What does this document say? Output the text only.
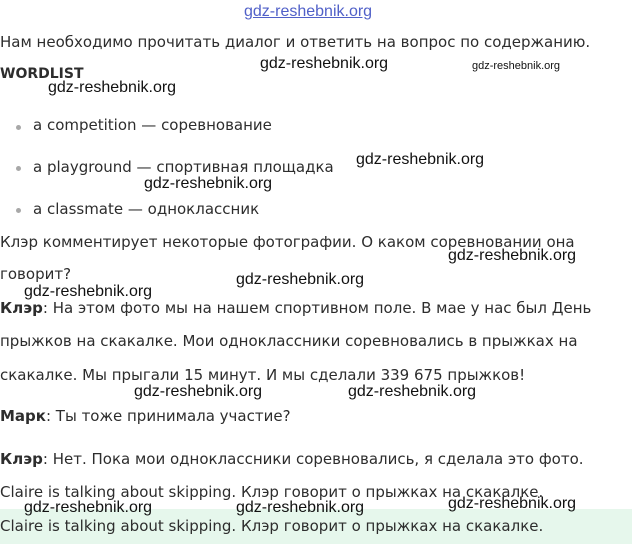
gdz-reshebnik.org
Нам необходимо прочитать диалог и ответить на вопрос по содержанию.
WORDLIST
a competition — соревнование
a playground — спортивная площадка
a classmate — одноклассник
Клэр комментирует некоторые фотографии. О каком соревновании она
говорит?
Клэр: На этом фото мы на нашем спортивном поле. В мае у нас был День
прыжков на скакалке. Мои одноклассники соревновались в прыжках на
скакалке. Мы прыгали 15 минут. И мы сделали 339 675 прыжков!
Марк: Ты тоже принимала участие?
Клэр: Нет. Пока мои одноклассники соревновались, я сделала это фото.
Claire is talking about skipping. Клэр говорит о прыжках на скакалке.
Claire is talking about skipping. Клэр говорит о прыжках на скакалке.
gdz-reshebnik.org	gdz-reshebnik.org
gdz-reshebnik.org
gdz-reshebnik.org
gdz-reshebnik.org
gdz-reshebnik.org
gdz-reshebnik.org
gdz-reshebnik.org
gdz-reshebnik.org	gdz-reshebnik.org
gdz-reshebnik.org
gdz-reshebnik.org	gdz-reshebnik.org
